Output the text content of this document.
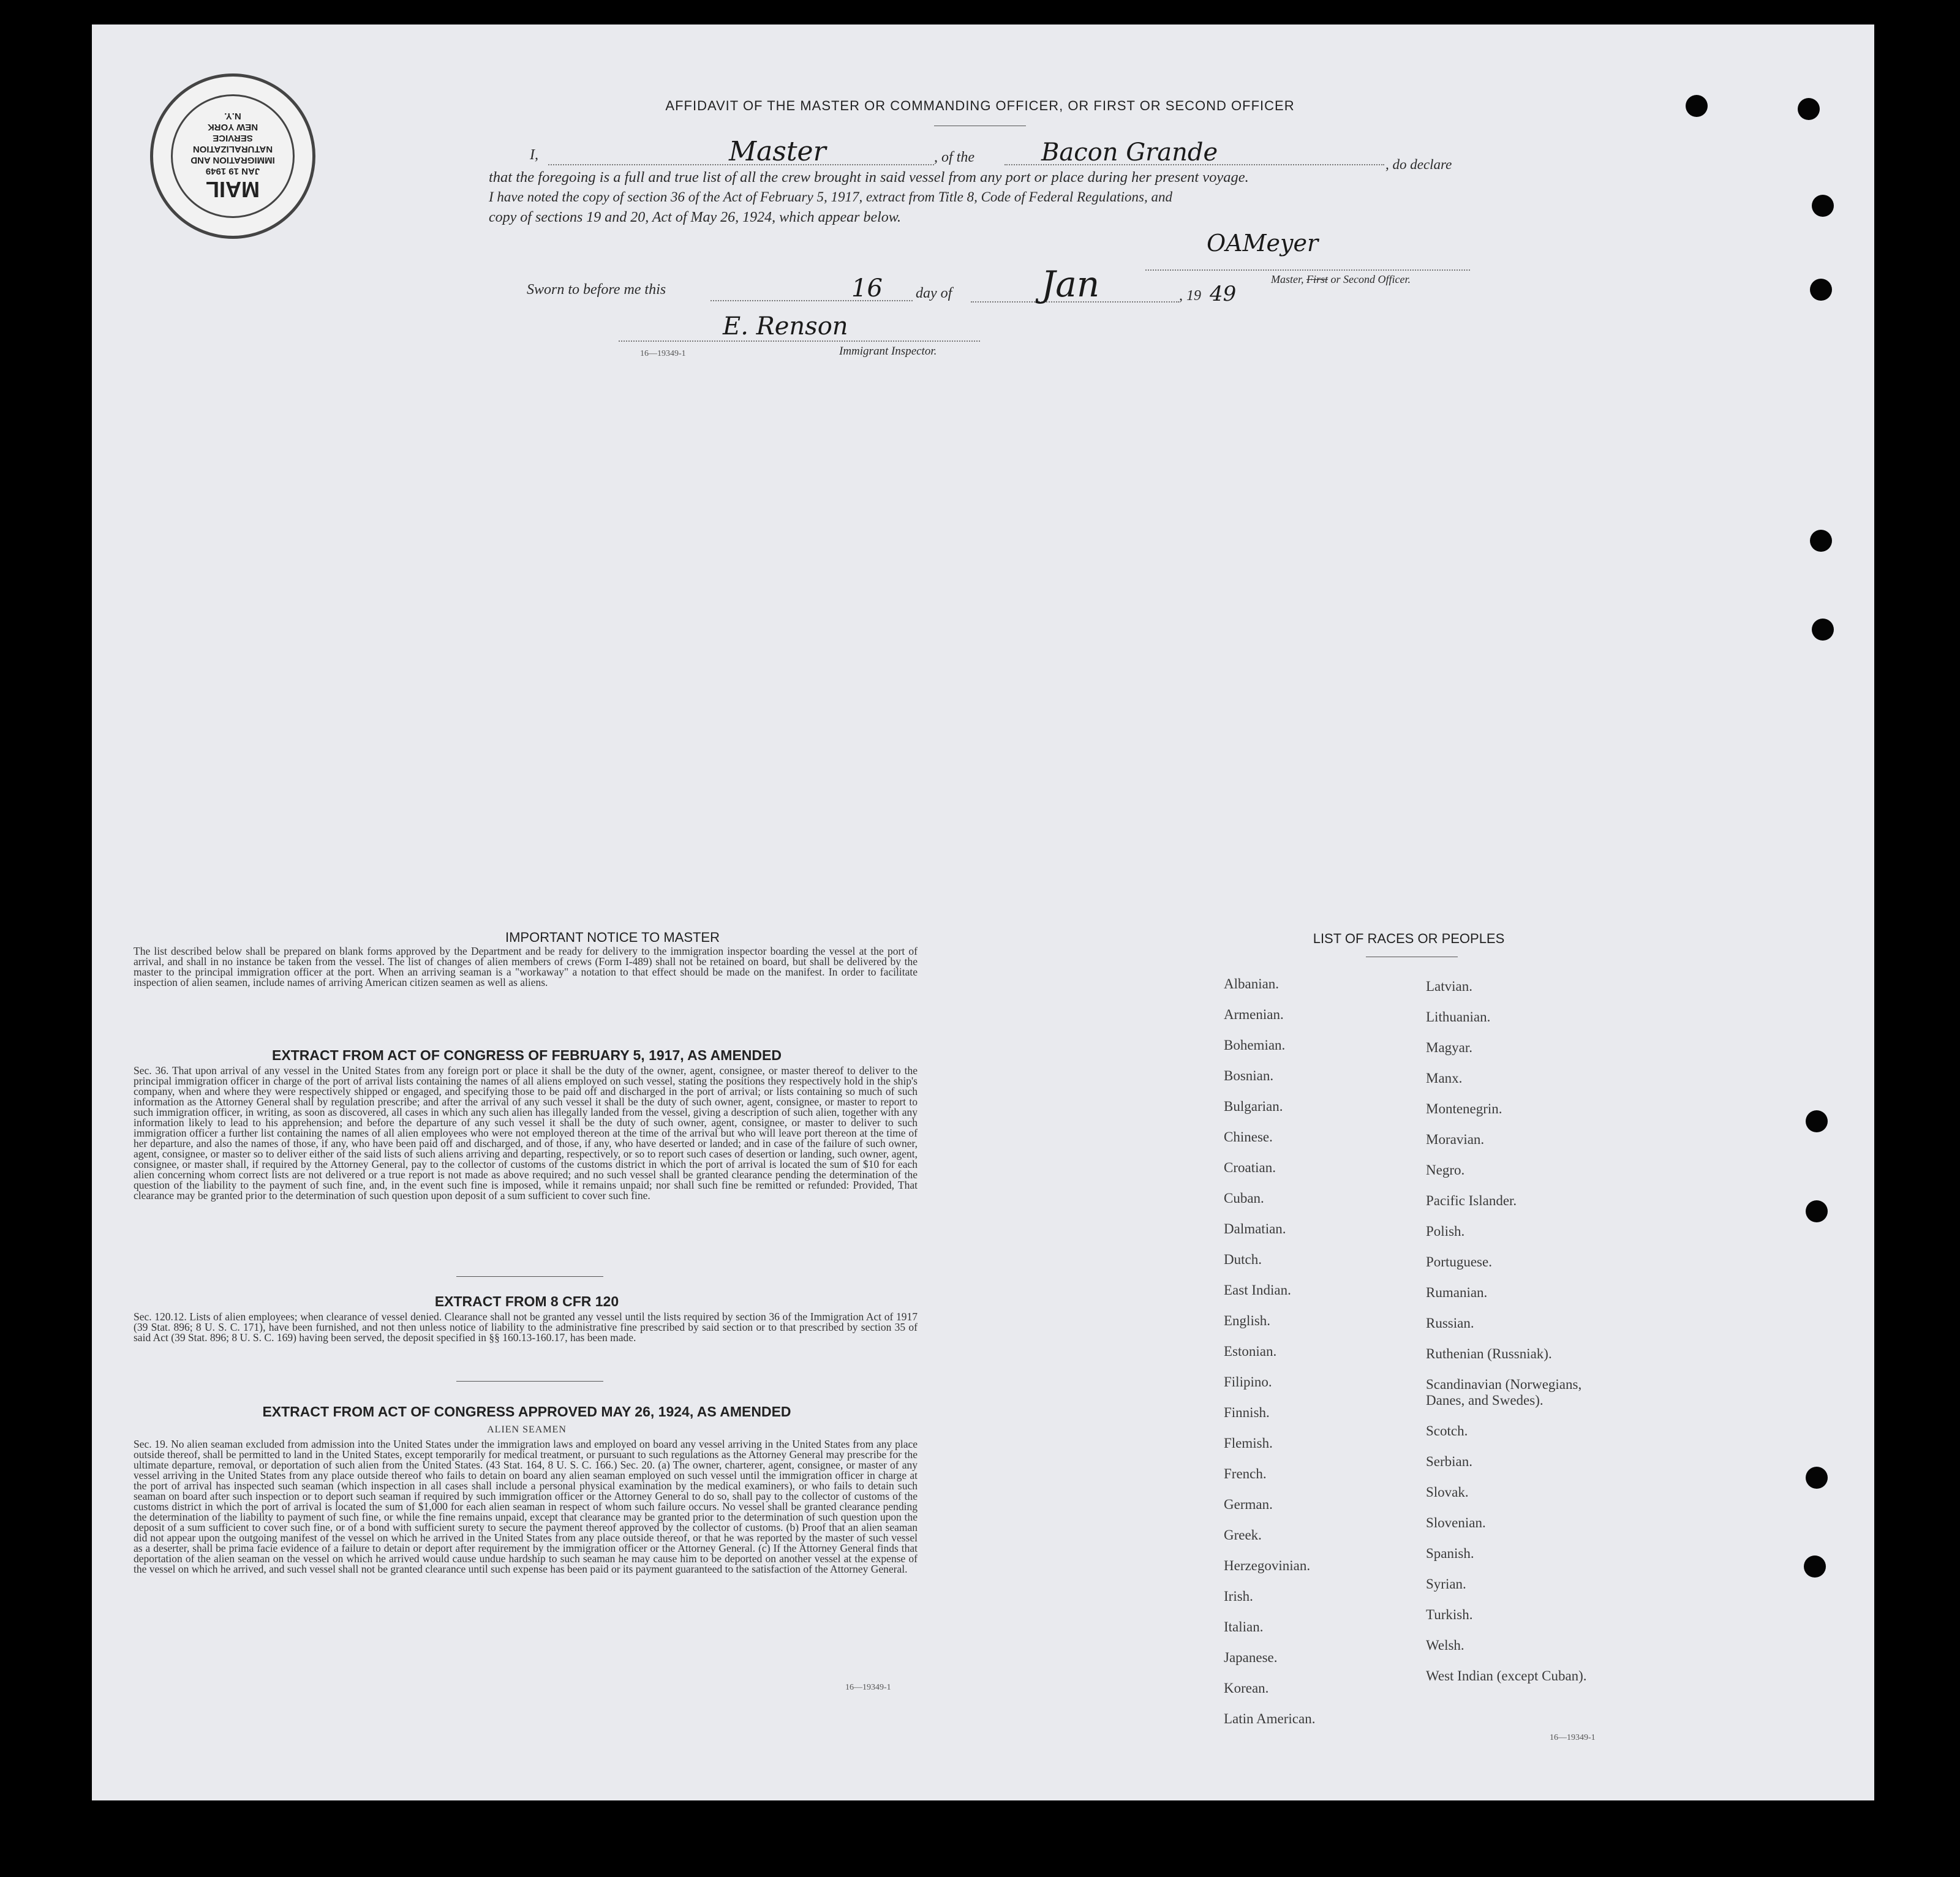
MAIL
JAN 19 1949
IMMIGRATION AND
NATURALIZATION
SERVICE
NEW YORK
N.Y.
AFFIDAVIT OF THE MASTER OR COMMANDING OFFICER, OR FIRST OR SECOND OFFICER
I,	Master	, of the	Bacon Grande	, do declare
that the foregoing is a full and true list of all the crew brought in said vessel from any port or place during her present voyage.
I have noted the copy of section 36 of the Act of February 5, 1917, extract from Title 8, Code of Federal Regulations, and
copy of sections 19 and 20, Act of May 26, 1924, which appear below.
OAMeyer
Master, First or Second Officer.
Sworn to before me this	16 day of	Jan	, 19 49
E. Renson
16—19349-1	Immigrant Inspector.
IMPORTANT NOTICE TO MASTER
The list described below shall be prepared on blank forms approved by the Department and be ready for delivery to the immigration inspector boarding the vessel at the port of arrival, and shall in no instance be taken from the vessel. The list of changes of alien members of crews (Form I-489) shall not be retained on board, but shall be delivered by the master to the principal immigration officer at the port. When an arriving seaman is a "workaway" a notation to that effect should be made on the manifest. In order to facilitate inspection of alien seamen, include names of arriving American citizen seamen as well as aliens.
EXTRACT FROM ACT OF CONGRESS OF FEBRUARY 5, 1917, AS AMENDED
Sec. 36. That upon arrival of any vessel in the United States from any foreign port or place it shall be the duty of the owner, agent, consignee, or master thereof to deliver to the principal immigration officer in charge of the port of arrival lists containing the names of all aliens employed on such vessel, stating the positions they respectively hold in the ship's company, when and where they were respectively shipped or engaged, and specifying those to be paid off and discharged in the port of arrival; or lists containing so much of such information as the Attorney General shall by regulation prescribe; and after the arrival of any such vessel it shall be the duty of such owner, agent, consignee, or master to report to such immigration officer, in writing, as soon as discovered, all cases in which any such alien has illegally landed from the vessel, giving a description of such alien, together with any information likely to lead to his apprehension; and before the departure of any such vessel it shall be the duty of such owner, agent, consignee, or master to deliver to such immigration officer a further list containing the names of all alien employees who were not employed thereon at the time of the arrival but who will leave port thereon at the time of her departure, and also the names of those, if any, who have been paid off and discharged, and of those, if any, who have deserted or landed; and in case of the failure of such owner, agent, consignee, or master so to deliver either of the said lists of such aliens arriving and departing, respectively, or so to report such cases of desertion or landing, such owner, agent, consignee, or master shall, if required by the Attorney General, pay to the collector of customs of the customs district in which the port of arrival is located the sum of $10 for each alien concerning whom correct lists are not delivered or a true report is not made as above required; and no such vessel shall be granted clearance pending the determination of the question of the liability to the payment of such fine, and, in the event such fine is imposed, while it remains unpaid; nor shall such fine be remitted or refunded: Provided, That clearance may be granted prior to the determination of such question upon deposit of a sum sufficient to cover such fine.
EXTRACT FROM 8 CFR 120
Sec. 120.12. Lists of alien employees; when clearance of vessel denied. Clearance shall not be granted any vessel until the lists required by section 36 of the Immigration Act of 1917 (39 Stat. 896; 8 U. S. C. 171), have been furnished, and not then unless notice of liability to the administrative fine prescribed by said section or to that prescribed by section 35 of said Act (39 Stat. 896; 8 U. S. C. 169) having been served, the deposit specified in §§ 160.13-160.17, has been made.
EXTRACT FROM ACT OF CONGRESS APPROVED MAY 26, 1924, AS AMENDED
ALIEN SEAMEN
Sec. 19. No alien seaman excluded from admission into the United States under the immigration laws and employed on board any vessel arriving in the United States from any place outside thereof, shall be permitted to land in the United States, except temporarily for medical treatment, or pursuant to such regulations as the Attorney General may prescribe for the ultimate departure, removal, or deportation of such alien from the United States. (43 Stat. 164, 8 U. S. C. 166.) Sec. 20. (a) The owner, charterer, agent, consignee, or master of any vessel arriving in the United States from any place outside thereof who fails to detain on board any alien seaman employed on such vessel until the immigration officer in charge at the port of arrival has inspected such seaman (which inspection in all cases shall include a personal physical examination by the medical examiners), or who fails to detain such seaman on board after such inspection or to deport such seaman if required by such immigration officer or the Attorney General to do so, shall pay to the collector of customs of the customs district in which the port of arrival is located the sum of $1,000 for each alien seaman in respect of whom such failure occurs. No vessel shall be granted clearance pending the determination of the liability to payment of such fine, or while the fine remains unpaid, except that clearance may be granted prior to the determination of such question upon the deposit of a sum sufficient to cover such fine, or of a bond with sufficient surety to secure the payment thereof approved by the collector of customs. (b) Proof that an alien seaman did not appear upon the outgoing manifest of the vessel on which he arrived in the United States from any place outside thereof, or that he was reported by the master of such vessel as a deserter, shall be prima facie evidence of a failure to detain or deport after requirement by the immigration officer or the Attorney General. (c) If the Attorney General finds that deportation of the alien seaman on the vessel on which he arrived would cause undue hardship to such seaman he may cause him to be deported on another vessel at the expense of the vessel on which he arrived, and such vessel shall not be granted clearance until such expense has been paid or its payment guaranteed to the satisfaction of the Attorney General.
16—19349-1
LIST OF RACES OR PEOPLES
Albanian.
Armenian.
Bohemian.
Bosnian.
Bulgarian.
Chinese.
Croatian.
Cuban.
Dalmatian.
Dutch.
East Indian.
English.
Estonian.
Filipino.
Finnish.
Flemish.
French.
German.
Greek.
Herzegovinian.
Irish.
Italian.
Japanese.
Korean.
Latin American.
Latvian.
Lithuanian.
Magyar.
Manx.
Montenegrin.
Moravian.
Negro.
Pacific Islander.
Polish.
Portuguese.
Rumanian.
Russian.
Ruthenian (Russniak).
Scandinavian (Norwegians,
Danes, and Swedes).
Scotch.
Serbian.
Slovak.
Slovenian.
Spanish.
Syrian.
Turkish.
Welsh.
West Indian (except Cuban).
16—19349-1
